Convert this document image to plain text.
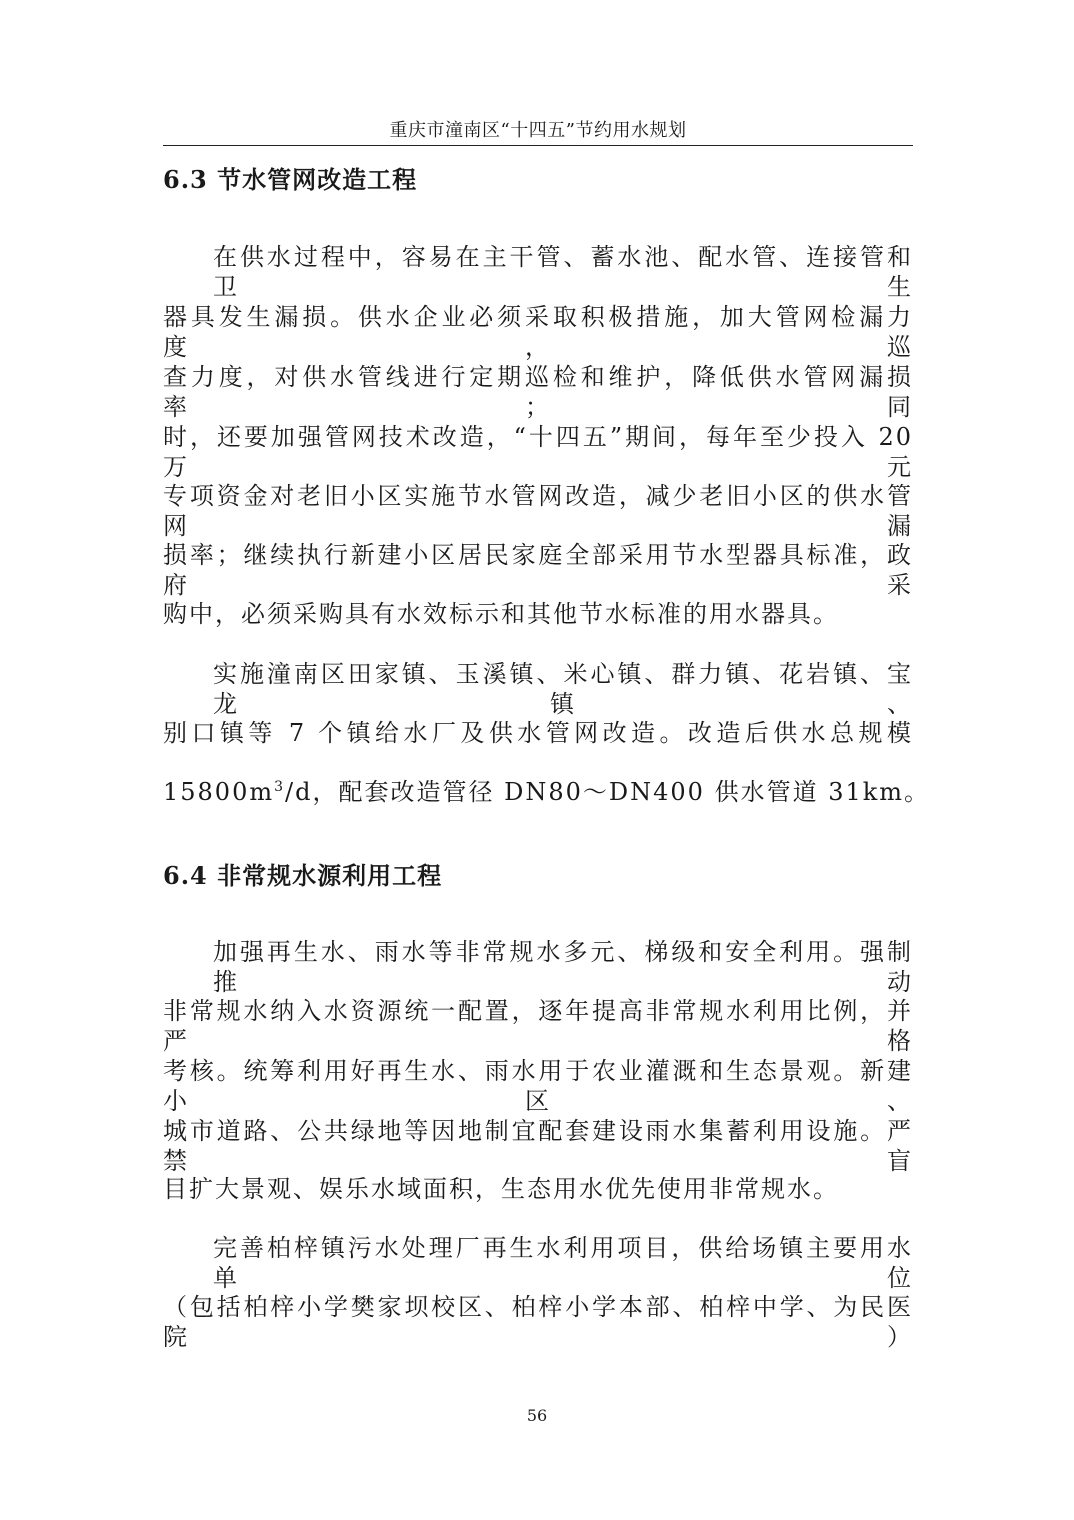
重庆市潼南区“十四五”节约用水规划
6.3 节水管网改造工程
在供水过程中，容易在主干管、蓄水池、配水管、连接管和卫生
器具发生漏损。供水企业必须采取积极措施，加大管网检漏力度，巡
查力度，对供水管线进行定期巡检和维护，降低供水管网漏损率；同
时，还要加强管网技术改造，“十四五”期间，每年至少投入 20 万元
专项资金对老旧小区实施节水管网改造，减少老旧小区的供水管网漏
损率；继续执行新建小区居民家庭全部采用节水型器具标准，政府采
购中，必须采购具有水效标示和其他节水标准的用水器具。
实施潼南区田家镇、玉溪镇、米心镇、群力镇、花岩镇、宝龙镇、
别口镇等 7 个镇给水厂及供水管网改造。改造后供水总规模
$15800m^3/d$，配套改造管径 DN80～DN400 供水管道 31km。
6.4 非常规水源利用工程
加强再生水、雨水等非常规水多元、梯级和安全利用。强制推动
非常规水纳入水资源统一配置，逐年提高非常规水利用比例，并严格
考核。统筹利用好再生水、雨水用于农业灌溉和生态景观。新建小区、
城市道路、公共绿地等因地制宜配套建设雨水集蓄利用设施。严禁盲
目扩大景观、娱乐水域面积，生态用水优先使用非常规水。
完善柏梓镇污水处理厂再生水利用项目，供给场镇主要用水单位
（包括柏梓小学樊家坝校区、柏梓小学本部、柏梓中学、为民医院）
56
